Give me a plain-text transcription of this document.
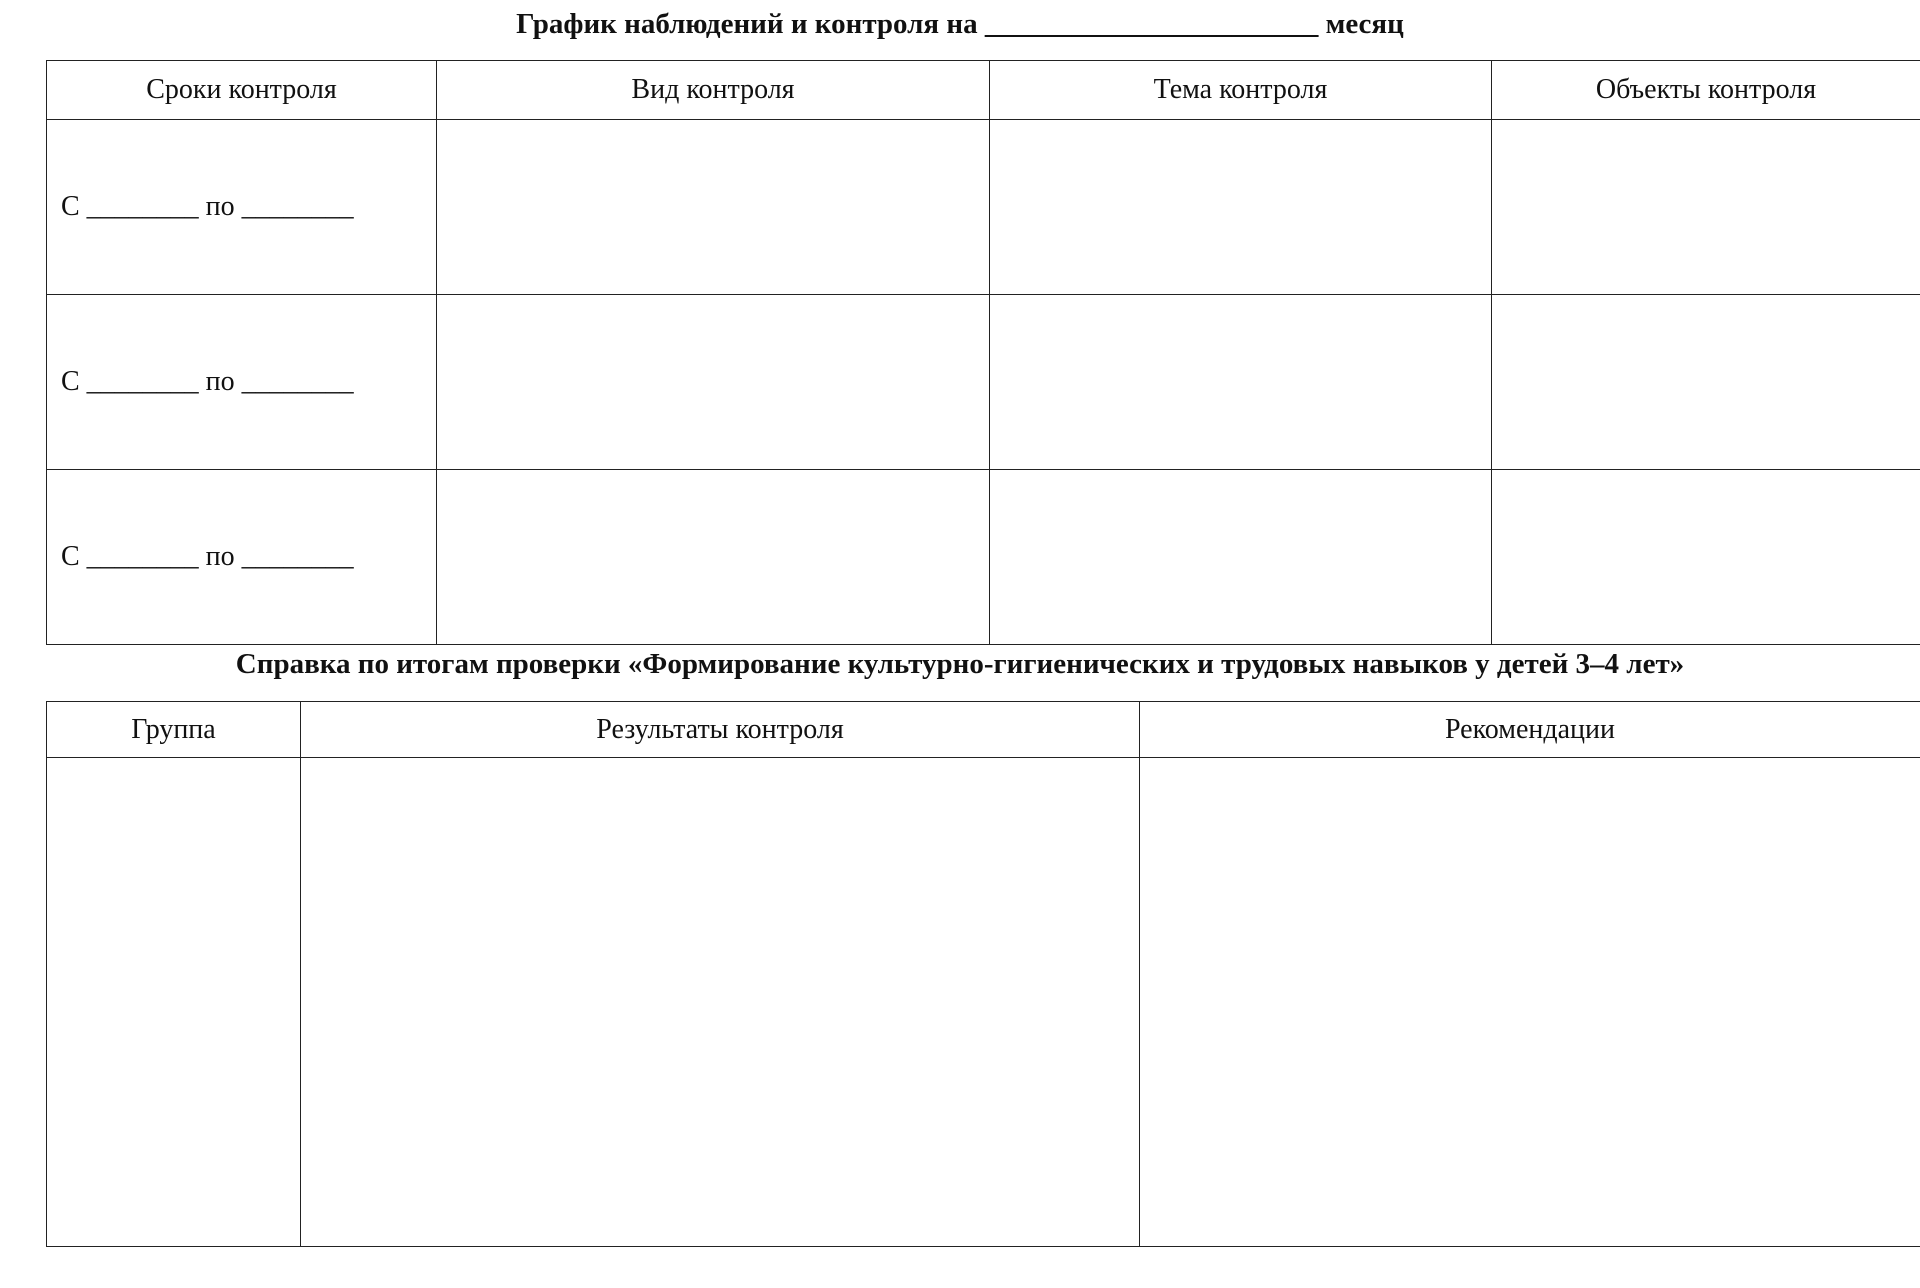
График наблюдений и контроля на _______________________ месяц
Сроки контроля	Вид контроля	Тема контроля	Объекты контроля
С ________ по ________			
С ________ по ________			
С ________ по ________			
Справка по итогам проверки «Формирование культурно-гигиенических и трудовых навыков у детей 3–4 лет»
Группа	Результаты контроля	Рекомендации
